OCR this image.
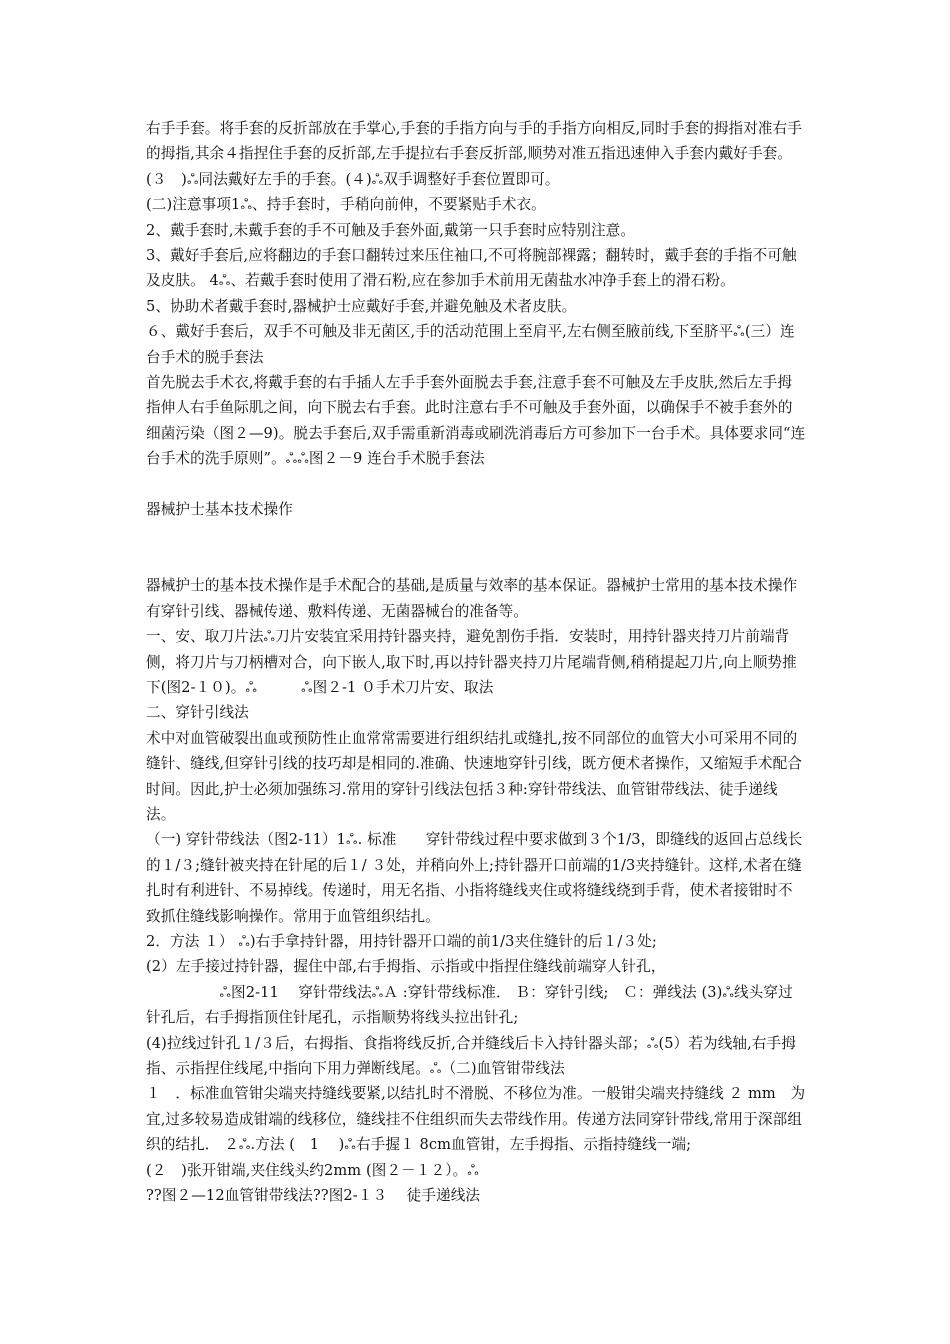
右手手套。将手套的反折部放在手掌心,手套的手指方向与手的手指方向相反,同时手套的拇指对准右手的拇指,其余４指捏住手套的反折部,左手提拉右手套反折部,顺势对准五指迅速伸入手套内戴好手套。(３　)ஃ同法戴好左手的手套。(４)ஃ双手调整好手套位置即可。

(二)注意事项1ஃ、持手套时，手稍向前伸，不要紧贴手术衣。

2、戴手套时,未戴手套的手不可触及手套外面,戴第一只手套时应特别注意。

3、戴好手套后,应将翻边的手套口翻转过来压住袖口,不可将腕部裸露；翻转时，戴手套的手指不可触及皮肤。 4ஃ、若戴手套时使用了滑石粉,应在参加手术前用无菌盐水冲净手套上的滑石粉。

5、协助术者戴手套时,器械护士应戴好手套,并避免触及术者皮肤。

６、戴好手套后，双手不可触及非无菌区,手的活动范围上至肩平,左右侧至腋前线,下至脐平ஃ(三）连台手术的脱手套法

首先脱去手术衣,将戴手套的右手插人左手手套外面脱去手套,注意手套不可触及左手皮肤,然后左手拇指伸人右手鱼际肌之间，向下脱去右手套。此时注意右手不可触及手套外面，以确保手不被手套外的细菌污染（图２—9)。脱去手套后,双手需重新消毒或刷洗消毒后方可参加下一台手术。具体要求同“连台手术的洗手原则”。ஃஃ图２－9 连台手术脱手套法

器械护士基本技术操作

器械护士的基本技术操作是手术配合的基础,是质量与效率的基本保证。器械护士常用的基本技术操作有穿针引线、器械传递、敷料传递、无菌器械台的准备等。

一、安、取刀片法ஃ刀片安装宜采用持针器夹持，避免割伤手指．安装时，用持针器夹持刀片前端背侧，将刀片与刀柄槽对合，向下嵌人,取下时,再以持针器夹持刀片尾端背侧,稍稍提起刀片,向上顺势推下(图2-１０)。ஃ　　　ஃ图２-1 ０手术刀片安、取法

二、穿针引线法

术中对血管破裂出血或预防性止血常常需要进行组织结扎或缝扎,按不同部位的血管大小可采用不同的缝针、缝线,但穿针引线的技巧却是相同的.准确、快速地穿针引线，既方便术者操作，又缩短手术配合时间。因此,护士必须加强练习.常用的穿针引线法包括３种:穿针带线法、血管钳带线法、徒手递线法。

（一) 穿针带线法（图2-11）1ஃ. 标准　　穿针带线过程中要求做到３个1/3，即缝线的返回占总线长的１/３;缝针被夹持在针尾的后１/ ３处，并稍向外上;持针器开口前端的1/3夹持缝针。这样,术者在缝扎时有利进针、不易掉线。传递时，用无名指、小指将缝线夹住或将缝线绕到手背，使术者接钳时不致抓住缝线影响操作。常用于血管组织结扎。

2．方法 １） ஃ)右手拿持针器，用持针器开口端的前1/3夹住缝针的后１/３处;

(2）左手接过持针器，握住中部,右手拇指、示指或中指捏住缝线前端穿人针孔，

　　　　　ஃ图2-11　 穿针带线法ஃＡ :穿针带线标准． Ｂ：穿针引线;　Ｃ：弹线法 (3)ஃ线头穿过针孔后，右手拇指顶住针尾孔，示指顺势将线头拉出针孔;

(4)拉线过针孔１/３后，右拇指、食指将线反折,合并缝线后卡入持针器头部；ஃ(5）若为线轴,右手拇指、示指捏住线尾,中指向下用力弹断线尾。ஃ（二)血管钳带线法

１　．标准血管钳尖端夹持缝线要紧,以结扎时不滑脱、不移位为准。一般钳尖端夹持缝线 ２ mm　为宜,过多较易造成钳端的线移位，缝线挂不住组织而失去带线作用。传递方法同穿针带线,常用于深部组织的结扎． ２ஃ.方法 (　1　 )ஃ右手握１ 8cm血管钳，左手拇指、示指持缝线一端;

(２　)张开钳端,夹住线头约2mm (图２－１２）。ஃ

??图２—12血管钳带线法??图2-１３　 徒手递线法
